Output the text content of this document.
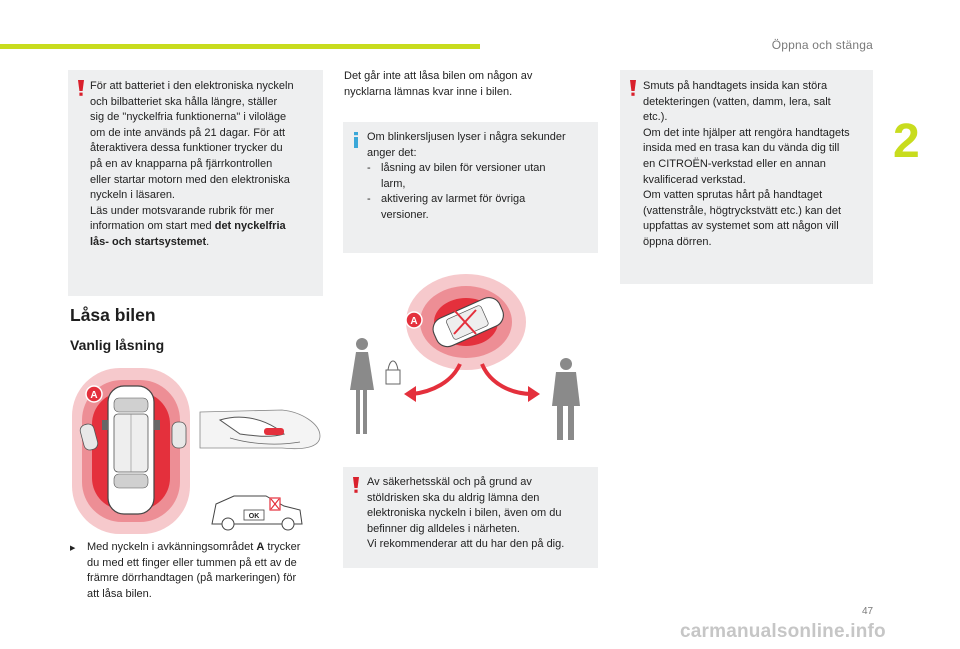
Öppna och stänga
2
För att batteriet i den elektroniska nyckeln
och bilbatteriet ska hålla längre, ställer
sig de "nyckelfria funktionerna" i viloläge
om de inte används på 21 dagar. För att
återaktivera dessa funktioner trycker du
på en av knapparna på fjärrkontrollen
eller startar motorn med den elektroniska
nyckeln i läsaren.
Läs under motsvarande rubrik för mer
information om start med det nyckelfria
lås- och startsystemet.
Låsa bilen
Vanlig låsning
A
OK
▶ Med nyckeln i avkänningsområdet A trycker
du med ett finger eller tummen på ett av de
främre dörrhandtagen (på markeringen) för
att låsa bilen.
Det går inte att låsa bilen om någon av
nycklarna lämnas kvar inne i bilen.
Om blinkersljusen lyser i några sekunder
anger det:
- låsning av bilen för versioner utan
larm,
- aktivering av larmet för övriga
versioner.
A
Av säkerhetsskäl och på grund av
stöldrisken ska du aldrig lämna den
elektroniska nyckeln i bilen, även om du
befinner dig alldeles i närheten.
Vi rekommenderar att du har den på dig.
Smuts på handtagets insida kan störa
detekteringen (vatten, damm, lera, salt
etc.).
Om det inte hjälper att rengöra handtagets
insida med en trasa kan du vända dig till
en CITROËN-verkstad eller en annan
kvalificerad verkstad.
Om vatten sprutas hårt på handtaget
(vattenstråle, högtryckstvätt etc.) kan det
uppfattas av systemet som att någon vill
öppna dörren.
47
carmanualsonline.info
